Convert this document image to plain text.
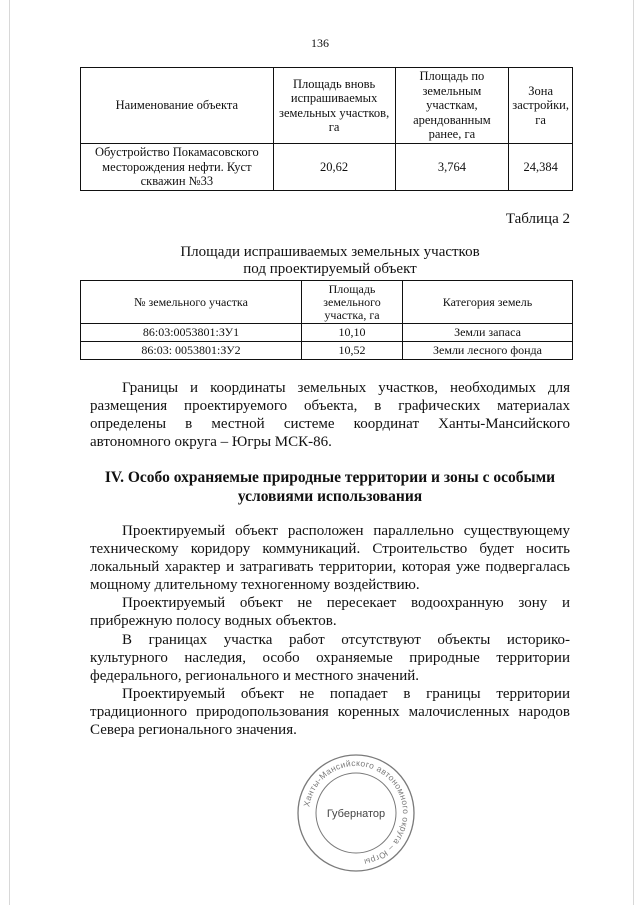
136
Наименование объекта	Площадь вновь испрашиваемых земельных участков, га	Площадь по земельным участкам, арендованным ранее, га	Зона застройки, га
Обустройство Покамасовского месторождения нефти. Куст скважин №33	20,62	3,764	24,384
Таблица 2
Площади испрашиваемых земельных участков под проектируемый объект
№ земельного участка	Площадь земельного участка, га	Категория земель
86:03:0053801:ЗУ1	10,10	Земли запаса
86:03: 0053801:ЗУ2	10,52	Земли лесного фонда
Границы и координаты земельных участков, необходимых для размещения проектируемого объекта, в графических материалах определены в местной системе координат Ханты-Мансийского автономного округа – Югры МСК-86.
IV. Особо охраняемые природные территории и зоны с особыми условиями использования
Проектируемый объект расположен параллельно существующему техническому коридору коммуникаций. Строительство будет носить локальный характер и затрагивать территории, которая уже подвергалась мощному длительному техногенному воздействию.
Проектируемый объект не пересекает водоохранную зону и прибрежную полосу водных объектов.
В границах участка работ отсутствуют объекты историко-культурного наследия, особо охраняемые природные территории федерального, регионального и местного значений.
Проектируемый объект не попадает в границы территории традиционного природопользования коренных малочисленных народов Севера регионального значения.
Ханты-Мансийского автономного округа – Югры
Губернатор
